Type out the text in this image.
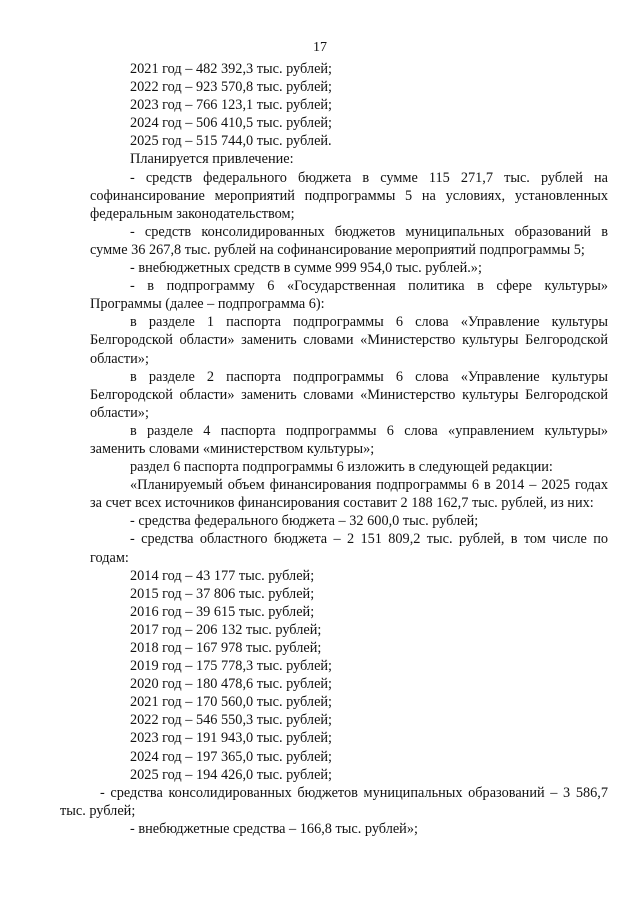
17

2021 год – 482 392,3 тыс. рублей;

2022 год – 923 570,8 тыс. рублей;

2023 год – 766 123,1 тыс. рублей;

2024 год – 506 410,5 тыс. рублей;

2025 год – 515 744,0 тыс. рублей.

Планируется привлечение:

- средств федерального бюджета в сумме 115 271,7 тыс. рублей на софинансирование мероприятий подпрограммы 5 на условиях, установленных федеральным законодательством;

- средств консолидированных бюджетов муниципальных образований в сумме 36 267,8 тыс. рублей на софинансирование мероприятий подпрограммы 5;

- внебюджетных средств в сумме 999 954,0 тыс. рублей.»;

- в подпрограмму 6 «Государственная политика в сфере культуры» Программы (далее – подпрограмма 6):

в разделе 1 паспорта подпрограммы 6 слова «Управление культуры Белгородской области» заменить словами «Министерство культуры Белгородской области»;

в разделе 2 паспорта подпрограммы 6 слова «Управление культуры Белгородской области» заменить словами «Министерство культуры Белгородской области»;

в разделе 4 паспорта подпрограммы 6 слова «управлением культуры» заменить словами «министерством культуры»;

раздел 6 паспорта подпрограммы 6 изложить в следующей редакции:

«Планируемый объем финансирования подпрограммы 6 в 2014 – 2025 годах за счет всех источников финансирования составит 2 188 162,7 тыс. рублей, из них:

- средства федерального бюджета – 32 600,0 тыс. рублей;

- средства областного бюджета – 2 151 809,2 тыс. рублей, в том числе по годам:

2014 год – 43 177 тыс. рублей;

2015 год – 37 806 тыс. рублей;

2016 год – 39 615 тыс. рублей;

2017 год – 206 132 тыс. рублей;

2018 год – 167 978 тыс. рублей;

2019 год – 175 778,3 тыс. рублей;

2020 год – 180 478,6 тыс. рублей;

2021 год – 170 560,0 тыс. рублей;

2022 год – 546 550,3 тыс. рублей;

2023 год – 191 943,0 тыс. рублей;

2024 год – 197 365,0 тыс. рублей;

2025 год – 194 426,0 тыс. рублей;

- средства консолидированных бюджетов муниципальных образований – 3 586,7 тыс. рублей;

- внебюджетные средства – 166,8 тыс. рублей»;
